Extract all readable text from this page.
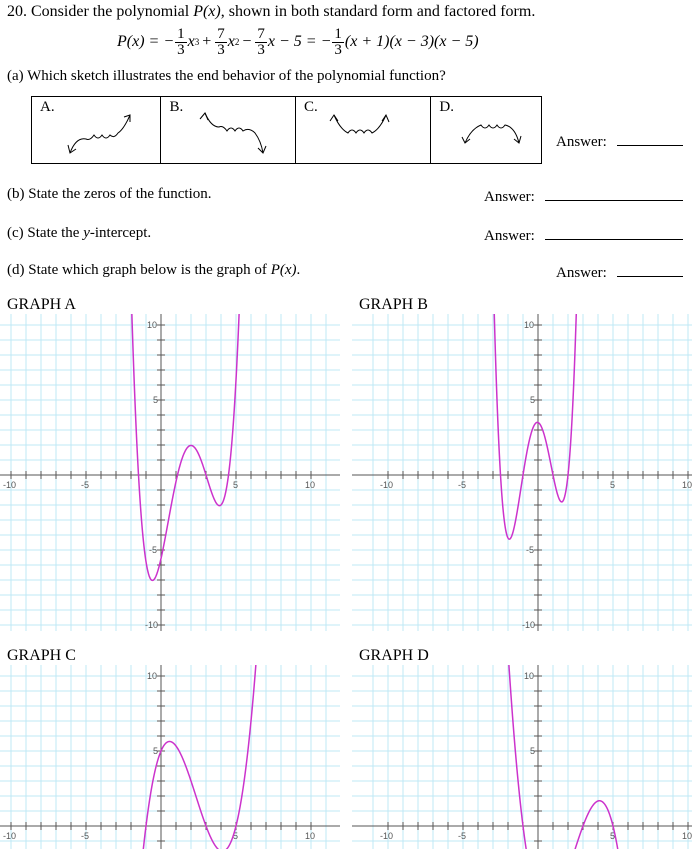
20. Consider the polynomial P(x), shown in both standard form and factored form.
P(x) = − $\frac{1}{3}$ x $3 + \frac{7}{3}$ x $2 - \frac{7}{3}$ x − 5 = − $\frac{1}{3} (x + 1)(x - 3)(x - 5)$
(a) Which sketch illustrates the end behavior of the polynomial function?
A.	B.	C.	D.
Answer:
(b) State the zeros of the function.	Answer:
(c) State the y-intercept.	Answer:
(d) State which graph below is the graph of P(x).	Answer:
GRAPH A	GRAPH B
GRAPH C	GRAPH D
-10	-5	5	10
10
5
-5
-10
-10	-5	5	10
10
5
-5
-10
-10	-5	5	10
10
5
-10	-5	5	10
10
5
